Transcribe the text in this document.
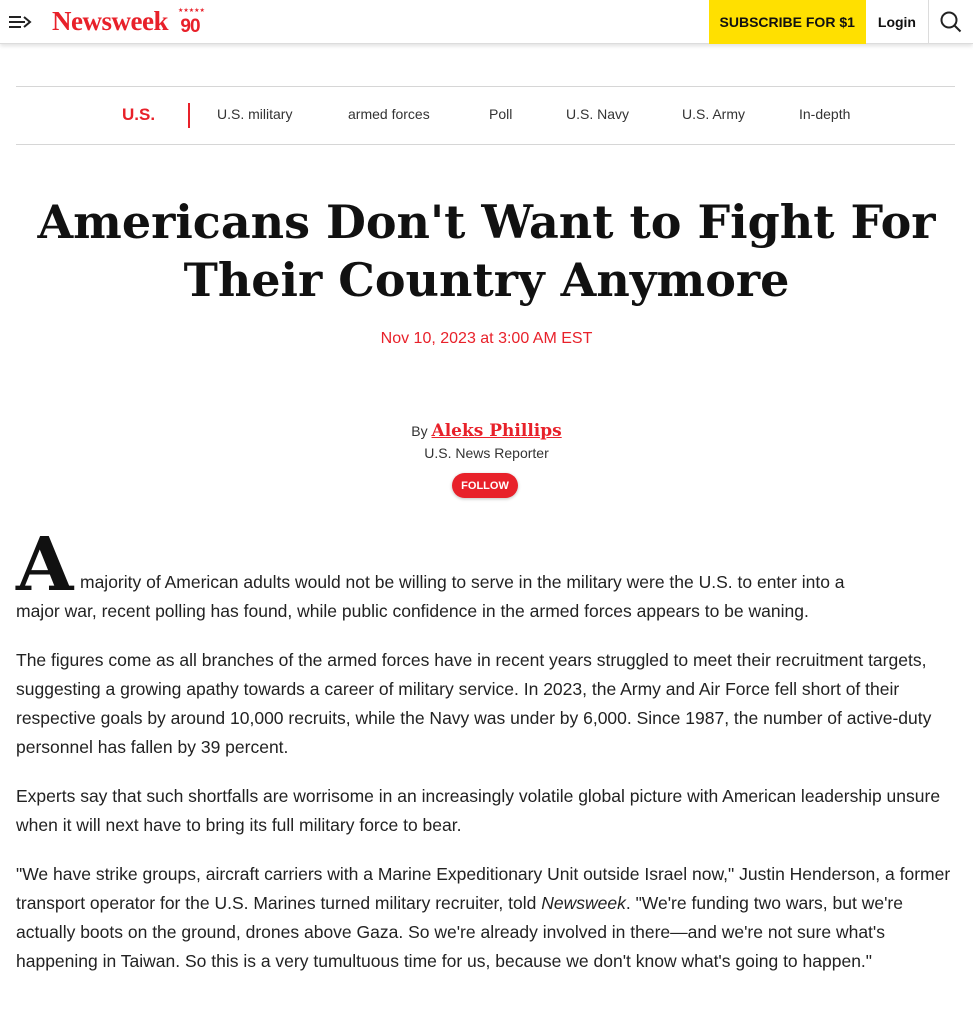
Newsweek ★★★★★
90	SUBSCRIBE FOR $1	Login
U.S.	U.S. military	armed forces	Poll	U.S. Navy	U.S. Army	In-depth
Americans Don't Want to Fight For
Their Country Anymore
Nov 10, 2023 at 3:00 AM EST
By Aleks Phillips
U.S. News Reporter
FOLLOW
A majority of American adults would not be willing to serve in the military were the U.S. to enter into a
major war, recent polling has found, while public confidence in the armed forces appears to be waning.

The figures come as all branches of the armed forces have in recent years struggled to meet their recruitment targets, suggesting a growing apathy towards a career of military service. In 2023, the Army and Air Force fell short of their respective goals by around 10,000 recruits, while the Navy was under by 6,000. Since 1987, the number of active-duty personnel has fallen by 39 percent.

Experts say that such shortfalls are worrisome in an increasingly volatile global picture with American leadership unsure when it will next have to bring its full military force to bear.

"We have strike groups, aircraft carriers with a Marine Expeditionary Unit outside Israel now," Justin Henderson, a former transport operator for the U.S. Marines turned military recruiter, told Newsweek. "We're funding two wars, but we're actually boots on the ground, drones above Gaza. So we're already involved in there—and we're not sure what's happening in Taiwan. So this is a very tumultuous time for us, because we don't know what's going to happen."
